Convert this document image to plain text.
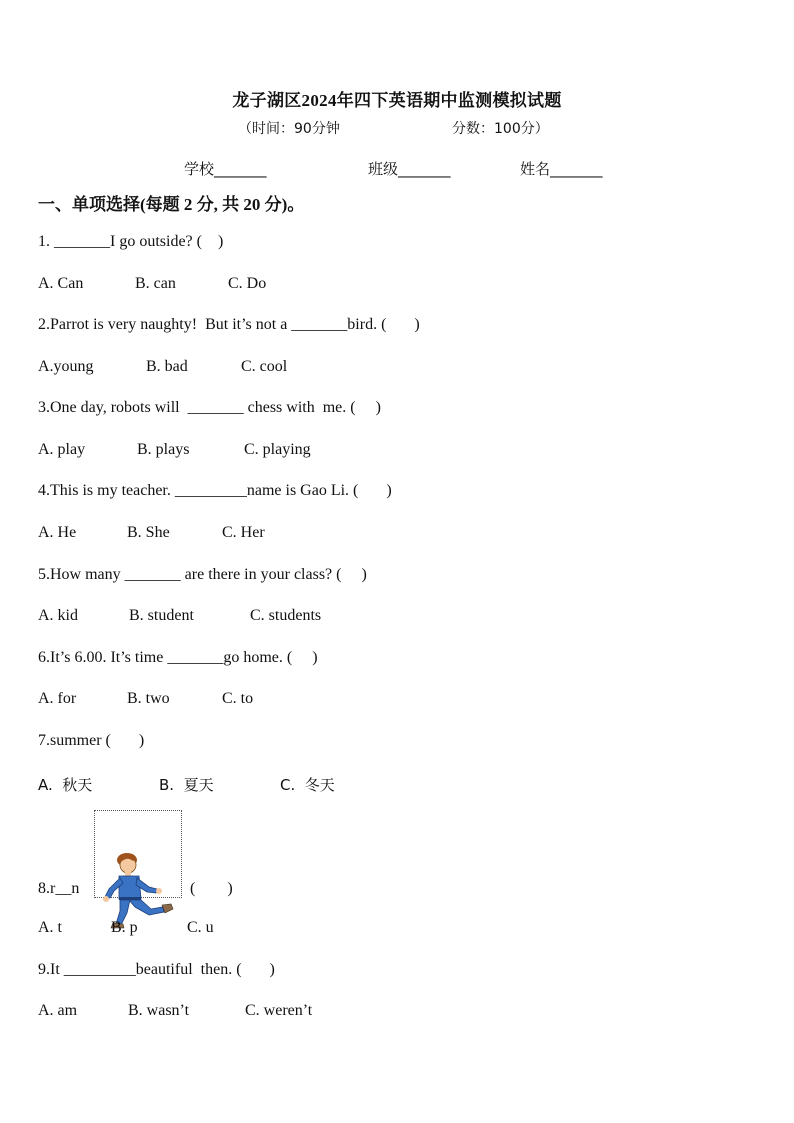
龙子湖区2024年四下英语期中监测模拟试题
（时间：90分钟	分数：100分）
学校_______	班级_______	姓名_______
一、单项选择(每题 2 分, 共 20 分)。
1. _______I go outside? (    )

A. Can

	B. can

	C. Do

2.Parrot is very naughty!  But it’s not a _______bird. (       )

A.young

	B. bad

	C. cool

3.One day, robots will  _______ chess with  me. (     )

A. play

	B. plays

	C. playing

4.This is my teacher. _________name is Gao Li. (       )

A. He

	B. She

	C. Her

5.How many _______ are there in your class? (     )

A. kid

	B. student

	C. students

6.It’s 6.00. It’s time _______go home. (     )

A. for

	B. two

	C. to

7.summer (       )

A.  秋天

	B.  夏天

	C.  冬天

8.r__n

	(        )

A. t

	B. p

	C. u

9.It _________beautiful  then. (       )

A. am

	B. wasn’t

	C. weren’t
